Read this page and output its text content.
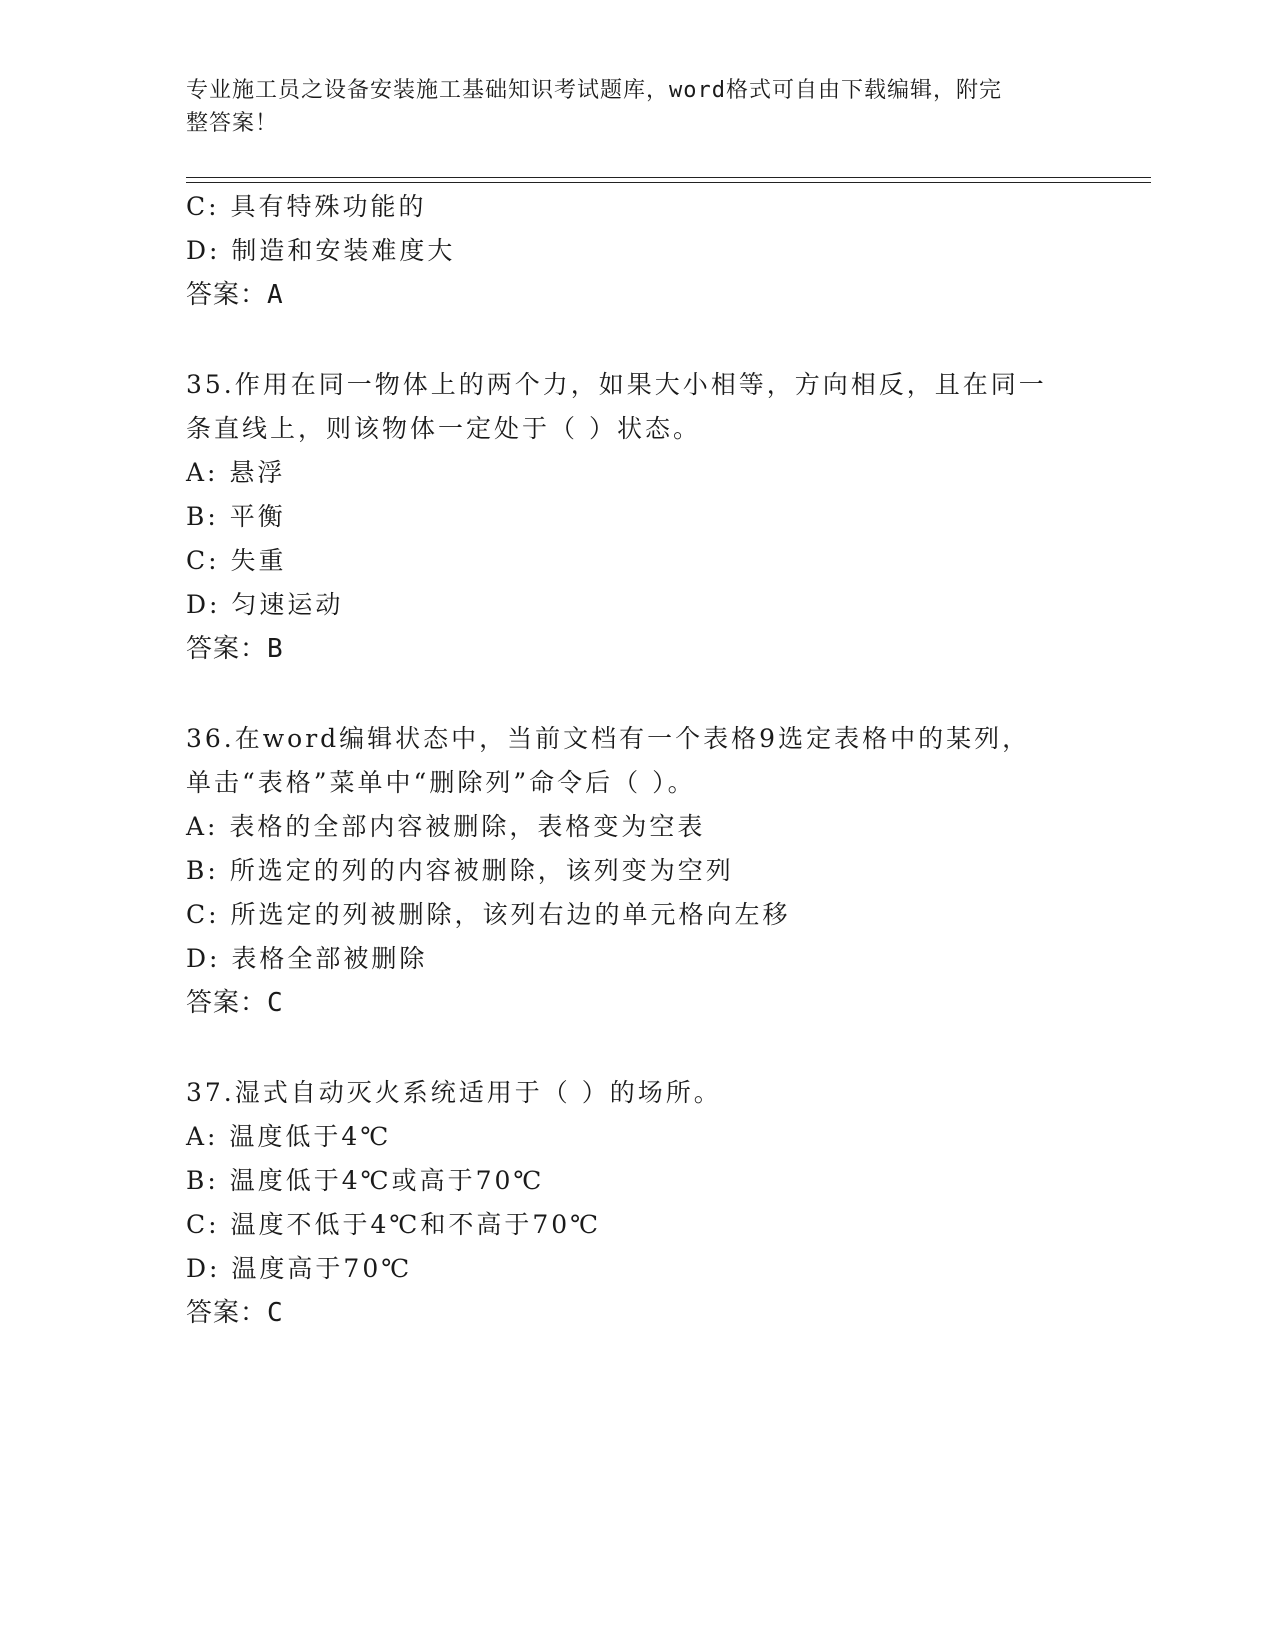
专业施工员之设备安装施工基础知识考试题库，word格式可自由下载编辑，附完
整答案！
C: 具有特殊功能的
D: 制造和安装难度大
答案：A
35.作用在同一物体上的两个力，如果大小相等，方向相反，且在同一
条直线上，则该物体一定处于（ ）状态。
A: 悬浮
B: 平衡
C: 失重
D: 匀速运动
答案：B
36.在word编辑状态中，当前文档有一个表格9选定表格中的某列，
单击“表格”菜单中“删除列”命令后（ ）。
A: 表格的全部内容被删除，表格变为空表
B: 所选定的列的内容被删除，该列变为空列
C: 所选定的列被删除，该列右边的单元格向左移
D: 表格全部被删除
答案：C
37.湿式自动灭火系统适用于（ ）的场所。
A: 温度低于4℃
B: 温度低于4℃或高于70℃
C: 温度不低于4℃和不高于70℃
D: 温度高于70℃
答案：C
